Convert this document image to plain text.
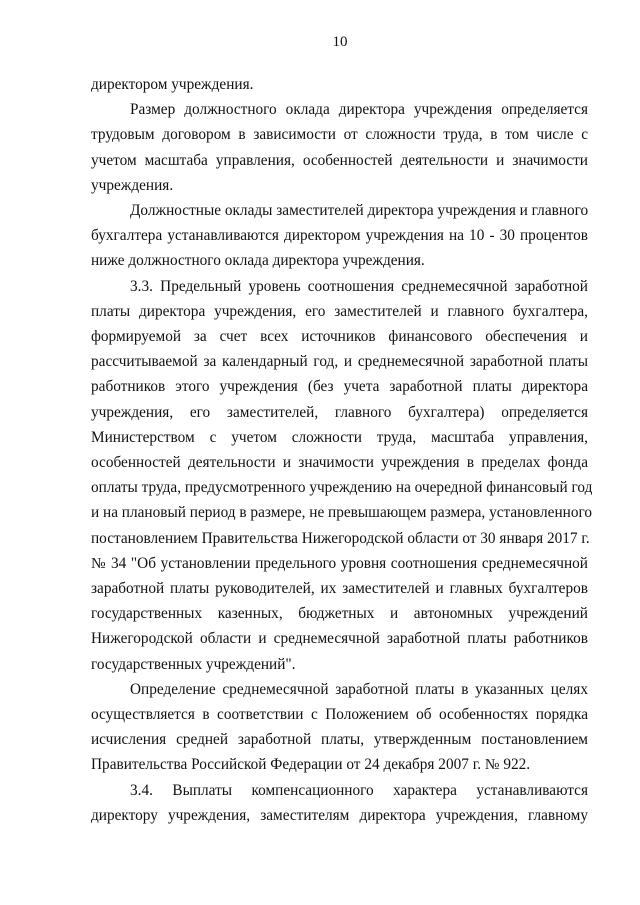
10
директором учреждения.
Размер должностного оклада директора учреждения определяется
трудовым договором в зависимости от сложности труда, в том числе с
учетом масштаба управления, особенностей деятельности и значимости
учреждения.
Должностные оклады заместителей директора учреждения и главного
бухгалтера устанавливаются директором учреждения на 10 - 30 процентов
ниже должностного оклада директора учреждения.
3.3. Предельный уровень соотношения среднемесячной заработной
платы директора учреждения, его заместителей и главного бухгалтера,
формируемой за счет всех источников финансового обеспечения и
рассчитываемой за календарный год, и среднемесячной заработной платы
работников этого учреждения (без учета заработной платы директора
учреждения, его заместителей, главного бухгалтера) определяется
Министерством с учетом сложности труда, масштаба управления,
особенностей деятельности и значимости учреждения в пределах фонда
оплаты труда, предусмотренного учреждению на очередной финансовый год
и на плановый период в размере, не превышающем размера, установленного
постановлением Правительства Нижегородской области от 30 января 2017 г.
№ 34 "Об установлении предельного уровня соотношения среднемесячной
заработной платы руководителей, их заместителей и главных бухгалтеров
государственных казенных, бюджетных и автономных учреждений
Нижегородской области и среднемесячной заработной платы работников
государственных учреждений".
Определение среднемесячной заработной платы в указанных целях
осуществляется в соответствии с Положением об особенностях порядка
исчисления средней заработной платы, утвержденным постановлением
Правительства Российской Федерации от 24 декабря 2007 г. № 922.
3.4. Выплаты компенсационного характера устанавливаются
директору учреждения, заместителям директора учреждения, главному
